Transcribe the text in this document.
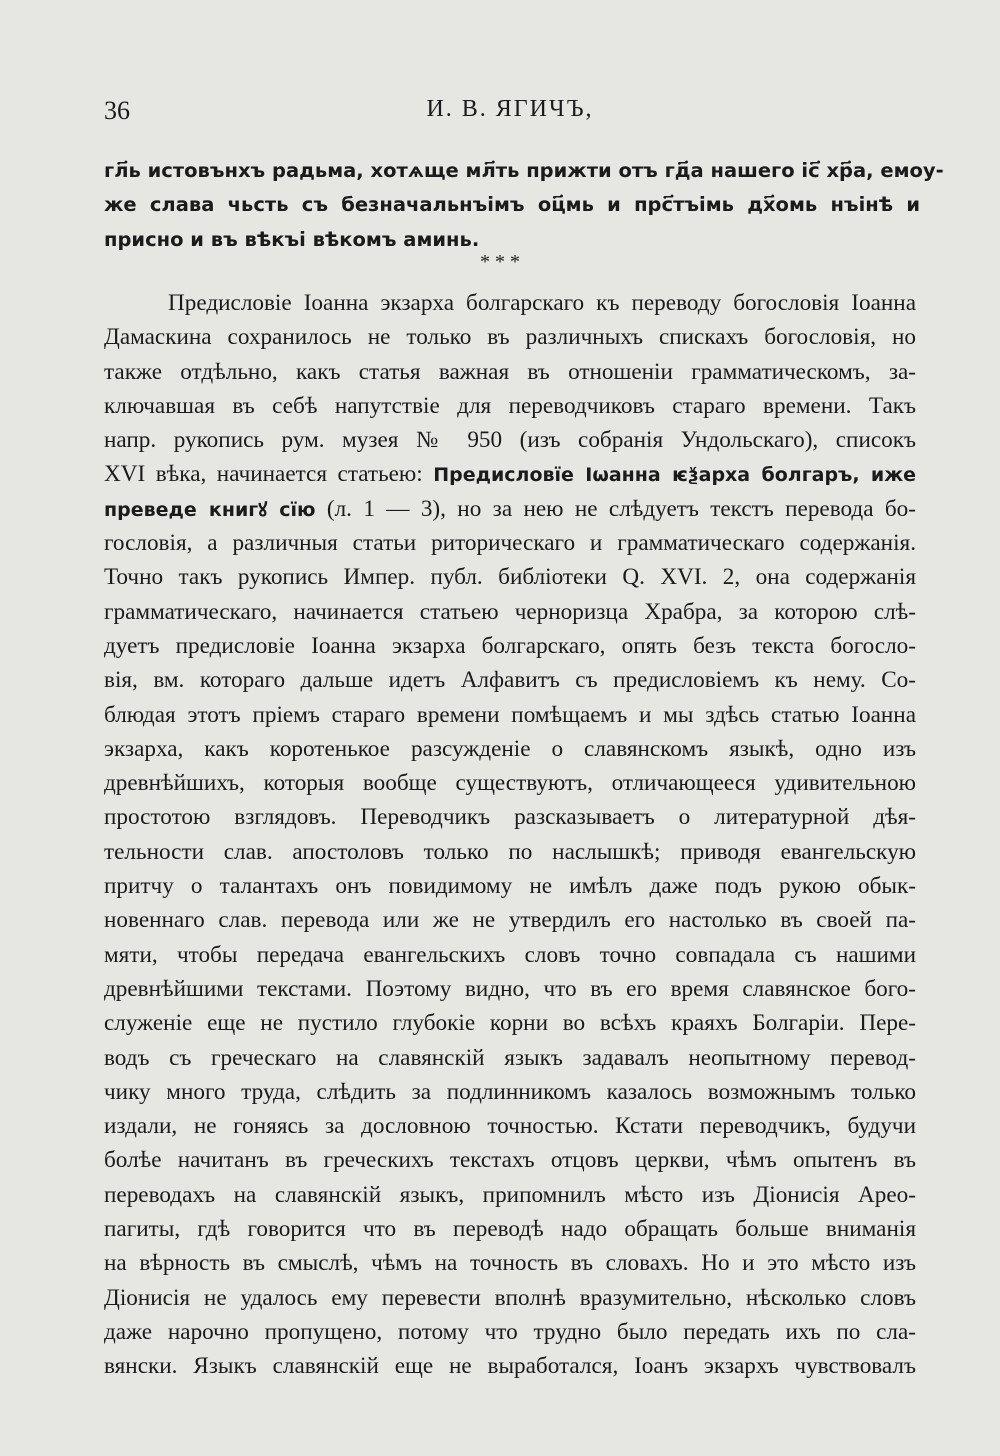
36	И. В. ЯГИЧЪ,
гл҃ь истовънхъ радьма, хотѧще мл҃ть прижти отъ гд҃а нашего іс҃ хр҃а, емоу-
же слава чьсть съ безначальнъімъ оц҃мь и прс҃тъімь дх҃омь нъінѣ и
присно и въ вѣкъі вѣкомъ аминь.
* * *
Предисловіе Іоанна экзарха болгарскаго къ переводу богословія Іоанна
Дамаскина сохранилось не только въ различныхъ спискахъ богословія, но
также отдѣльно, какъ статья важная въ отношеніи грамматическомъ, за-
ключавшая въ себѣ напутствіе для переводчиковъ стараго времени. Такъ
напр. рукопись рум. музея № 950 (изъ собранія Ундольскаго), списокъ
XVI вѣка, начинается статьею: Предисловїе Іѡанна ѥѯарха болгаръ, иже
преведе книгꙋ сїю (л. 1 — 3), но за нею не слѣдуетъ текстъ перевода бо-
гословія, а различныя статьи риторическаго и грамматическаго содержанія.
Точно такъ рукопись Импер. публ. библіотеки Q. XVI. 2, она содержанія
грамматическаго, начинается статьею черноризца Храбра, за которою слѣ-
дуетъ предисловіе Іоанна экзарха болгарскаго, опять безъ текста богосло-
вія, вм. котораго дальше идетъ Алфавитъ съ предисловіемъ къ нему. Со-
блюдая этотъ пріемъ стараго времени помѣщаемъ и мы здѣсь статью Іоанна
экзарха, какъ коротенькое разсужденіе о славянскомъ языкѣ, одно изъ
древнѣйшихъ, которыя вообще существуютъ, отличающееся удивительною
простотою взглядовъ. Переводчикъ разсказываетъ о литературной дѣя-
тельности слав. апостоловъ только по наслышкѣ; приводя евангельскую
притчу о талантахъ онъ повидимому не имѣлъ даже подъ рукою обык-
новеннаго слав. перевода или же не утвердилъ его настолько въ своей па-
мяти, чтобы передача евангельскихъ словъ точно совпадала съ нашими
древнѣйшими текстами. Поэтому видно, что въ его время славянское бого-
служеніе еще не пустило глубокіе корни во всѣхъ краяхъ Болгаріи. Пере-
водъ съ греческаго на славянскій языкъ задавалъ неопытному перевод-
чику много труда, слѣдить за подлинникомъ казалось возможнымъ только
издали, не гоняясь за дословною точностью. Кстати переводчикъ, будучи
болѣе начитанъ въ греческихъ текстахъ отцовъ церкви, чѣмъ опытенъ въ
переводахъ на славянскій языкъ, припомнилъ мѣсто изъ Діонисія Арео-
пагиты, гдѣ говорится что въ переводѣ надо обращать больше вниманія
на вѣрность въ смыслѣ, чѣмъ на точность въ словахъ. Но и это мѣсто изъ
Діонисія не удалось ему перевести вполнѣ вразумительно, нѣсколько словъ
даже нарочно пропущено, потому что трудно было передать ихъ по сла-
вянски. Языкъ славянскій еще не выработался, Іоанъ экзархъ чувствовалъ
